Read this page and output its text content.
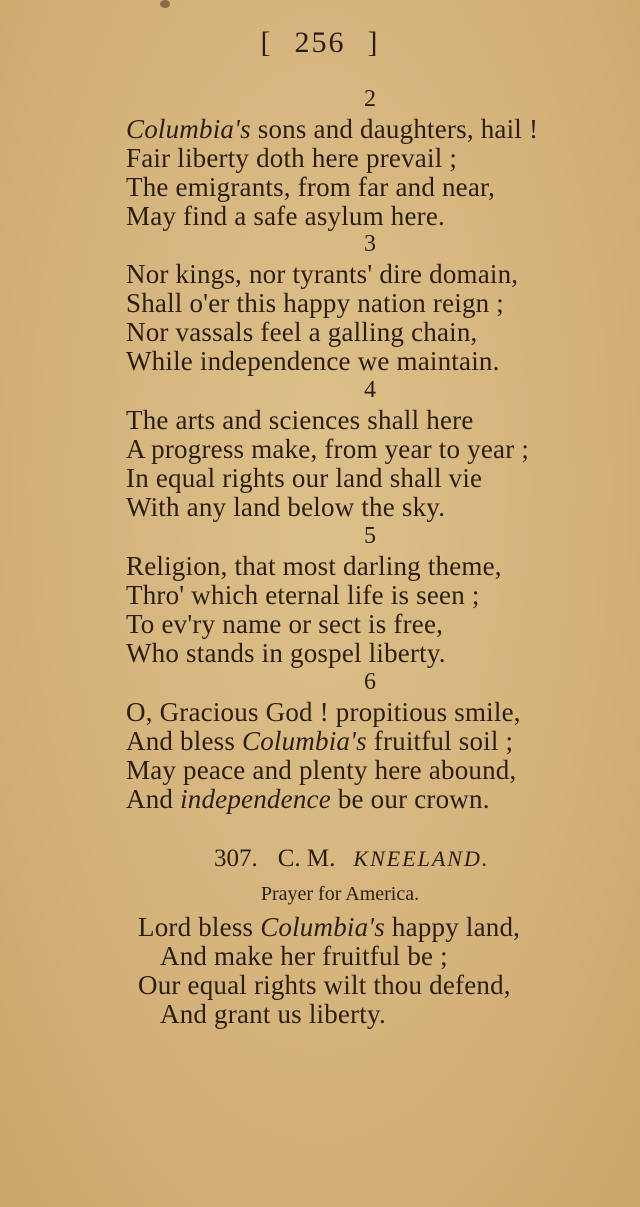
[ 256 ]
2
Columbia's sons and daughters, hail !
Fair liberty doth here prevail ;
The emigrants, from far and near,
May find a safe asylum here.
3
Nor kings, nor tyrants' dire domain,
Shall o'er this happy nation reign ;
Nor vassals feel a galling chain,
While independence we maintain.
4
The arts and sciences shall here
A progress make, from year to year ;
In equal rights our land shall vie
With any land below the sky.
5
Religion, that most darling theme,
Thro' which eternal life is seen ;
To ev'ry name or sect is free,
Who stands in gospel liberty.
6
O, Gracious God ! propitious smile,
And bless Columbia's fruitful soil ;
May peace and plenty here abound,
And independence be our crown.
307. C. M. KNEELAND.
Prayer for America.
Lord bless Columbia's happy land,
And make her fruitful be ;
Our equal rights wilt thou defend,
And grant us liberty.
